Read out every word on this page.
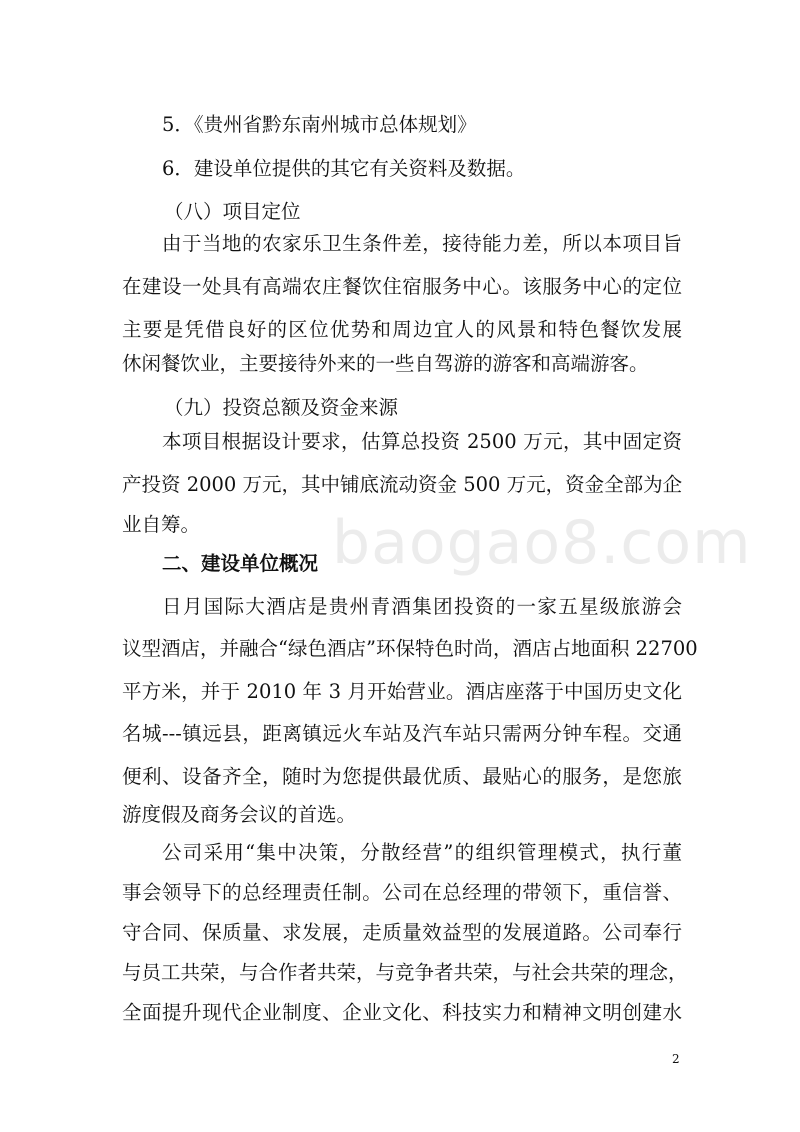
5．《贵州省黔东南州城市总体规划》
6．建设单位提供的其它有关资料及数据。
（八）项目定位
由于当地的农家乐卫生条件差，接待能力差，所以本项目旨
在建设一处具有高端农庄餐饮住宿服务中心。该服务中心的定位
主要是凭借良好的区位优势和周边宜人的风景和特色餐饮发展
休闲餐饮业，主要接待外来的一些自驾游的游客和高端游客。
（九）投资总额及资金来源
本项目根据设计要求，估算总投资 2500 万元，其中固定资
产投资 2000 万元，其中铺底流动资金 500 万元，资金全部为企
业自筹。
二、建设单位概况
日月国际大酒店是贵州青酒集团投资的一家五星级旅游会
议型酒店，并融合“绿色酒店”环保特色时尚，酒店占地面积 22700
平方米，并于 2010 年 3 月开始营业。酒店座落于中国历史文化
名城---镇远县，距离镇远火车站及汽车站只需两分钟车程。交通
便利、设备齐全，随时为您提供最优质、最贴心的服务，是您旅
游度假及商务会议的首选。
公司采用“集中决策，分散经营”的组织管理模式，执行董
事会领导下的总经理责任制。公司在总经理的带领下，重信誉、
守合同、保质量、求发展，走质量效益型的发展道路。公司奉行
与员工共荣，与合作者共荣，与竞争者共荣，与社会共荣的理念，
全面提升现代企业制度、企业文化、科技实力和精神文明创建水
baogao8.com
2
